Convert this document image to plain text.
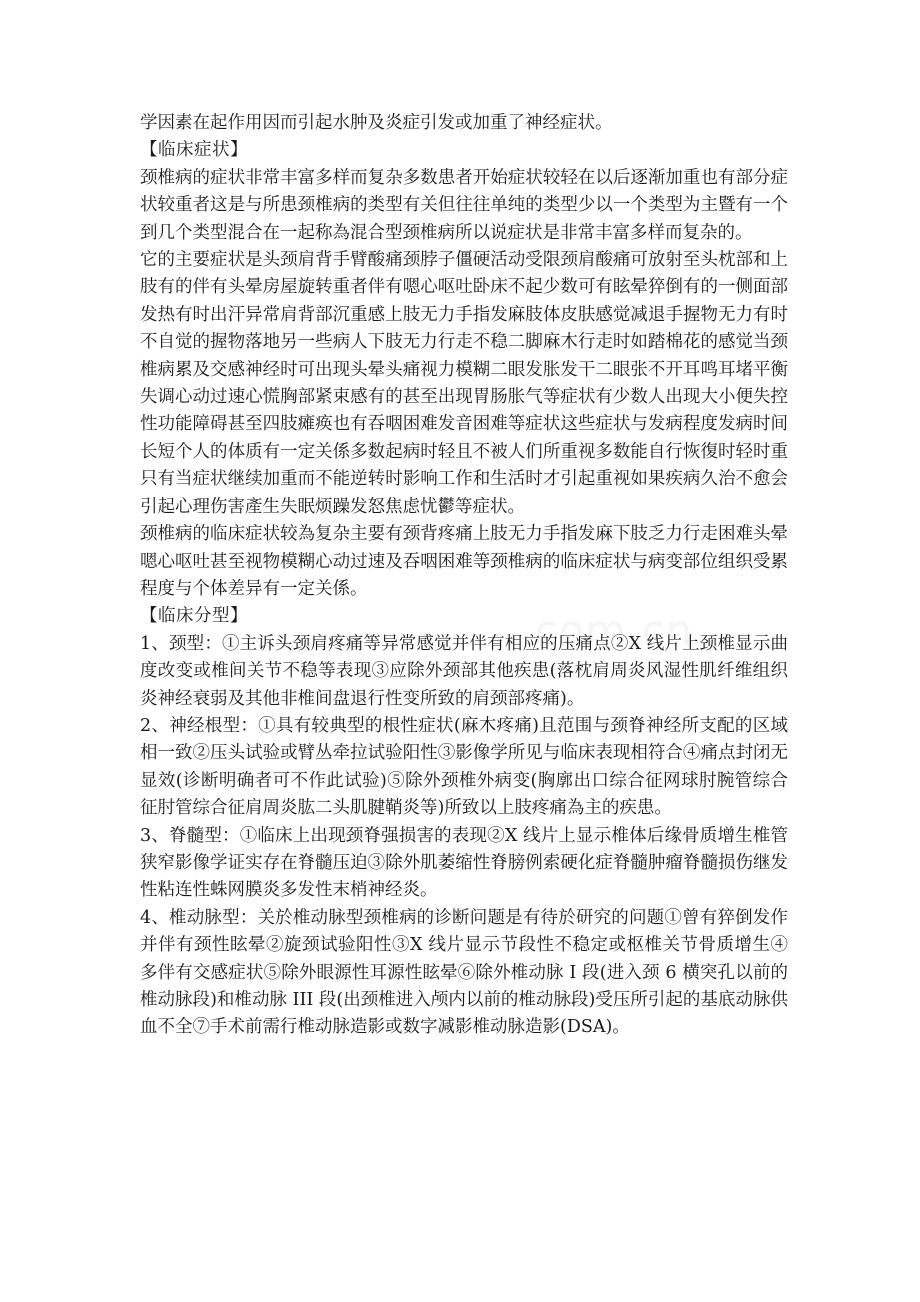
学因素在起作用因而引起水肿及炎症引发或加重了神经症状。

【临床症状】

颈椎病的症状非常丰富多样而复杂多数患者开始症状较轻在以后逐渐加重也有部分症状较重者这是与所患颈椎病的类型有关但往往单纯的类型少以一个类型为主暨有一个到几个类型混合在一起称為混合型颈椎病所以说症状是非常丰富多样而复杂的。

它的主要症状是头颈肩背手臂酸痛颈脖子僵硬活动受限颈肩酸痛可放射至头枕部和上肢有的伴有头晕房屋旋转重者伴有嗯心呕吐卧床不起少数可有眩晕猝倒有的一侧面部发热有时出汗异常肩背部沉重感上肢无力手指发麻肢体皮肤感觉减退手握物无力有时不自觉的握物落地另一些病人下肢无力行走不稳二脚麻木行走时如踏棉花的感觉当颈椎病累及交感神经时可出现头晕头痛视力模糊二眼发胀发干二眼张不开耳鸣耳堵平衡失调心动过速心慌胸部紧束感有的甚至出现胃肠胀气等症状有少数人出现大小便失控性功能障碍甚至四肢瘫痪也有吞咽困难发音困难等症状这些症状与发病程度发病时间长短个人的体质有一定关係多数起病时轻且不被人们所重视多数能自行恢復时轻时重只有当症状继续加重而不能逆转时影响工作和生活时才引起重视如果疾病久治不愈会引起心理伤害產生失眠烦躁发怒焦虑忧鬱等症状。

颈椎病的临床症状较為复杂主要有颈背疼痛上肢无力手指发麻下肢乏力行走困难头晕嗯心呕吐甚至视物模糊心动过速及吞咽困难等颈椎病的临床症状与病变部位组织受累程度与个体差异有一定关係。

【临床分型】

1、颈型：①主诉头颈肩疼痛等异常感觉并伴有相应的压痛点②X 线片上颈椎显示曲度改变或椎间关节不稳等表现③应除外颈部其他疾患(落枕肩周炎风湿性肌纤维组织炎神经衰弱及其他非椎间盘退行性变所致的肩颈部疼痛)。

2、神经根型：①具有较典型的根性症状(麻木疼痛)且范围与颈脊神经所支配的区域相一致②压头试验或臂丛牵拉试验阳性③影像学所见与临床表现相符合④痛点封闭无显效(诊断明确者可不作此试验)⑤除外颈椎外病变(胸廓出口综合征网球肘腕管综合征肘管综合征肩周炎肱二头肌腱鞘炎等)所致以上肢疼痛為主的疾患。

3、脊髓型：①临床上出现颈脊强损害的表现②X 线片上显示椎体后缘骨质增生椎管狭窄影像学证实存在脊髓压迫③除外肌萎缩性脊膀例索硬化症脊髓肿瘤脊髓损伤继发性粘连性蛛网膜炎多发性末梢神经炎。

4、椎动脉型：关於椎动脉型颈椎病的诊断问题是有待於研究的问题①曾有猝倒发作并伴有颈性眩晕②旋颈试验阳性③X 线片显示节段性不稳定或枢椎关节骨质增生④多伴有交感症状⑤除外眼源性耳源性眩晕⑥除外椎动脉 I 段(进入颈 6 横突孔以前的椎动脉段)和椎动脉 III 段(出颈椎进入颅内以前的椎动脉段)受压所引起的基底动脉供血不全⑦手术前需行椎动脉造影或数字减影椎动脉造影(DSA)。
